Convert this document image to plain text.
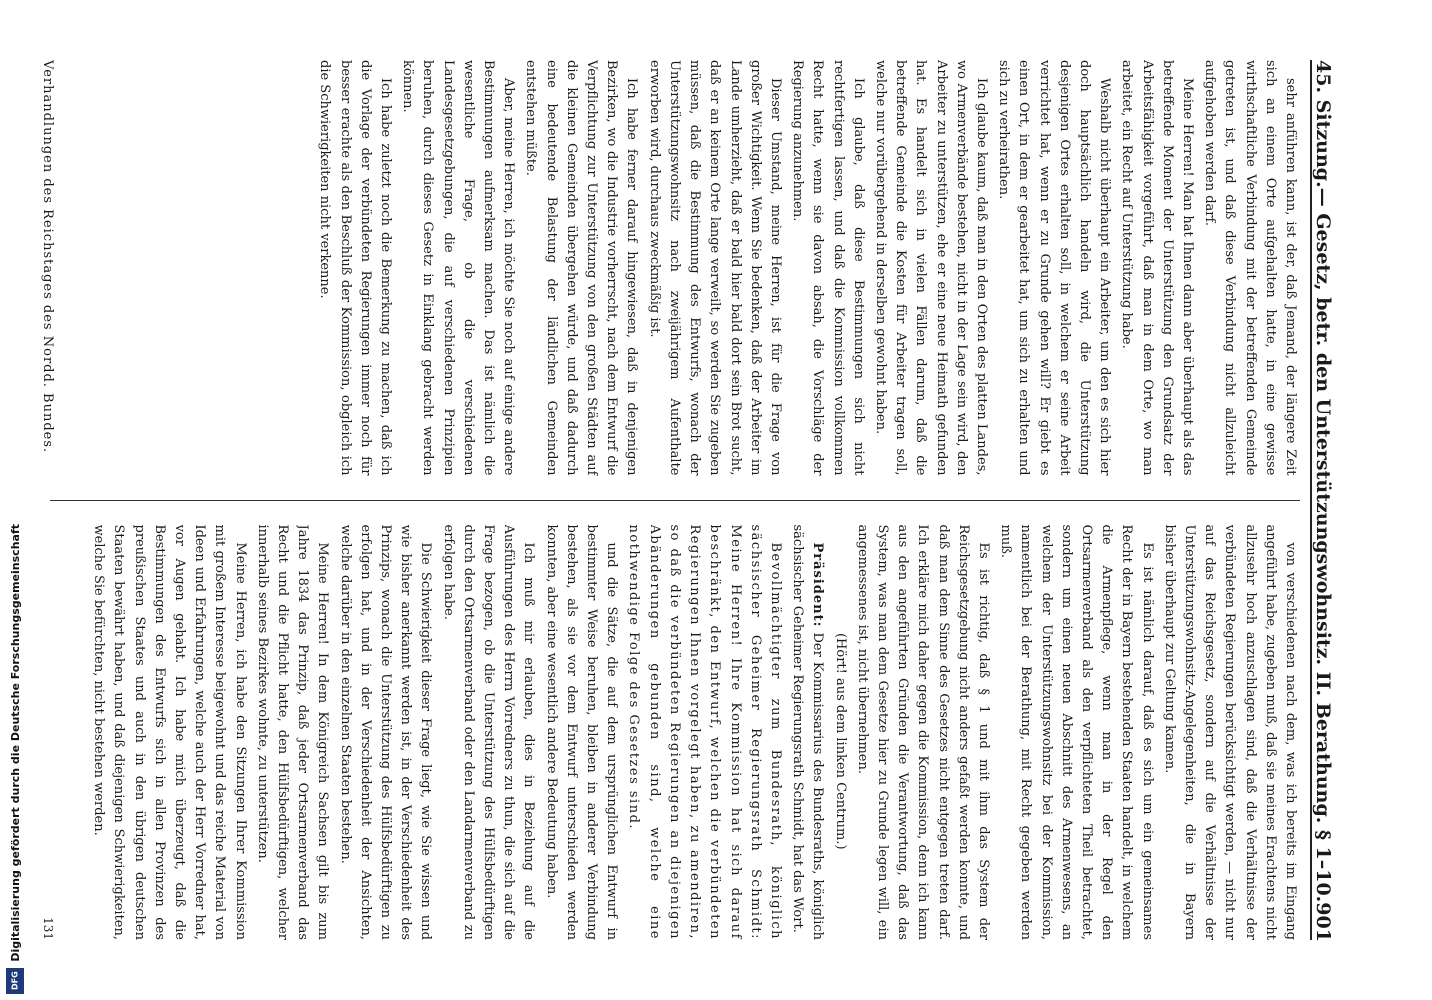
45. Sitzung.
— Gesetz, betr. den Unterstützungswohnsitz. II. Berathung. § 1–10.
901

sehr anführen kann, ist der, daß Jemand, der längere Zeit sich an einem Orte aufgehalten hatte, in eine gewisse wirthschaftliche Verbindung mit der betreffenden Gemeinde getreten ist, und daß diese Verbindung nicht allzuleicht aufgehoben werden darf.

Meine Herren! Man hat Ihnen dann aber überhaupt als das betreffende Moment der Unterstützung den Grundsatz der Arbeitsfähigkeit vorgeführt, daß man in dem Orte, wo man arbeitet, ein Recht auf Unterstützung habe.

Weshalb nicht überhaupt ein Arbeiter, um den es sich hier doch hauptsächlich handeln wird, die Unterstützung desjenigen Ortes erhalten soll, in welchem er seine Arbeit verrichtet hat, wenn er zu Grunde gehen will? Er giebt es einen Ort, in dem er gearbeitet hat, um sich zu erhalten und sich zu verheirathen.

Ich glaube kaum, daß man in den Orten des platten Landes, wo Armenverbände bestehen, nicht in der Lage sein wird, den Arbeiter zu unterstützen, ehe er eine neue Heimath gefunden hat. Es handelt sich in vielen Fällen darum, daß die betreffende Gemeinde die Kosten für Arbeiter tragen soll, welche nur vorübergehend in derselben gewohnt haben.

Ich glaube, daß diese Bestimmungen sich nicht rechtfertigen lassen, und daß die Kommission vollkommen Recht hatte, wenn sie davon absah, die Vorschläge der Regierung anzunehmen.

Dieser Umstand, meine Herren, ist für die Frage von großer Wichtigkeit. Wenn Sie bedenken, daß der Arbeiter im Lande umherzieht, daß er bald hier bald dort sein Brot sucht, daß er an keinem Orte lange verweilt, so werden Sie zugeben müssen, daß die Bestimmung des Entwurfs, wonach der Unterstützungswohnsitz nach zweijährigem Aufenthalte erworben wird, durchaus zweckmäßig ist.

Ich habe ferner darauf hingewiesen, daß in denjenigen Bezirken, wo die Industrie vorherrscht, nach dem Entwurf die Verpflichtung zur Unterstützung von den großen Städten auf die kleinen Gemeinden übergehen würde, und daß dadurch eine bedeutende Belastung der ländlichen Gemeinden entstehen müßte.

Aber, meine Herren, ich möchte Sie noch auf einige andere Bestimmungen aufmerksam machen. Das ist nämlich die wesentliche Frage, ob die verschiedenen Landesgesetzgebungen, die auf verschiedenen Prinzipien beruhen, durch dieses Gesetz in Einklang gebracht werden können.

Ich habe zuletzt noch die Bemerkung zu machen, daß ich die Vorlage der verbündeten Regierungen immer noch für besser erachte als den Beschluß der Kommission, obgleich ich die Schwierigkeiten nicht verkenne.

von verschiedenen nach dem, was ich bereits im Eingang angeführt habe, zugeben muß, daß sie meines Erachtens nicht allzusehr hoch anzuschlagen sind, daß die Verhältnisse der verbündeten Regierungen berücksichtigt werden, — nicht nur auf das Reichsgesetz, sondern auf die Verhältnisse der Unterstützungswohnsitz-Angelegenheiten, die in Bayern bisher überhaupt zur Geltung kamen.

Es ist nämlich darauf, daß es sich um ein gemeinsames Recht der in Bayern bestehenden Staaten handelt, in welchem die Armenpflege, wenn man in der Regel den Ortsarmenverband als den verpflichteten Theil betrachtet, sondern um einen neuen Abschnitt des Armenwesens, an welchem der Unterstützungswohnsitz bei der Kommission, namentlich bei der Berathung, mit Recht gegeben werden muß.

Es ist richtig, daß § 1 und mit ihm das System der Reichsgesetzgebung nicht anders gefaßt werden konnte, und daß man dem Sinne des Gesetzes nicht entgegen treten darf. Ich erkläre mich daher gegen die Kommission, denn ich kann aus den angeführten Gründen die Verantwortung, daß das System, was man dem Gesetze hier zu Grunde legen will, ein angemessenes ist, nicht übernehmen.

(Hört! aus dem linken Centrum.)

Präsident: Der Kommissarius des Bundesraths, königlich sächsischer Geheimer Regierungsrath Schmidt, hat das Wort.

Bevollmächtigter zum Bundesrath, königlich sächsischer Geheimer Regierungsrath Schmidt: Meine Herren! Ihre Kommission hat sich darauf beschränkt, den Entwurf, welchen die verbündeten Regierungen Ihnen vorgelegt haben, zu amendiren, so daß die verbündeten Regierungen an diejenigen Abänderungen gebunden sind, welche eine nothwendige Folge des Gesetzes sind.

und die Sätze, die auf dem ursprünglichen Entwurf in bestimmter Weise beruhen, bleiben in anderer Verbindung bestehen, als sie vor dem Entwurf unterschieden werden konnten, aber eine wesentlich andere Bedeutung haben.

Ich muß mir erlauben, dies in Beziehung auf die Ausführungen des Herrn Vorredners zu thun, die sich auf die Frage bezogen, ob die Unterstützung des Hülfsbedürftigen durch den Ortsarmenverband oder den Landarmenverband zu erfolgen habe.

Die Schwierigkeit dieser Frage liegt, wie Sie wissen und wie bisher anerkannt werden ist, in der Verschiedenheit des Prinzips, wonach die Unterstützung des Hülfsbedürftigen zu erfolgen hat, und in der Verschiedenheit der Ansichten, welche darüber in den einzelnen Staaten bestehen.

Meine Herren! In dem Königreich Sachsen gilt bis zum Jahre 1834 das Prinzip, daß jeder Ortsarmenverband das Recht und die Pflicht hatte, den Hülfsbedürftigen, welcher innerhalb seines Bezirkes wohnte, zu unterstützen.

Meine Herren, ich habe den Sitzungen Ihrer Kommission mit großem Interesse beigewohnt und das reiche Material von Ideen und Erfahrungen, welche auch der Herr Vorredner hat, vor Augen gehabt. Ich habe mich überzeugt, daß die Bestimmungen des Entwurfs sich in allen Provinzen des preußischen Staates und auch in den übrigen deutschen Staaten bewährt haben, und daß diejenigen Schwierigkeiten, welche Sie befürchten, nicht bestehen werden.

Verhandlungen des Reichstages des Nordd. Bundes.
131
Digitalisierung gefördert durch die Deutsche Forschungsgemeinschaft
DFG
